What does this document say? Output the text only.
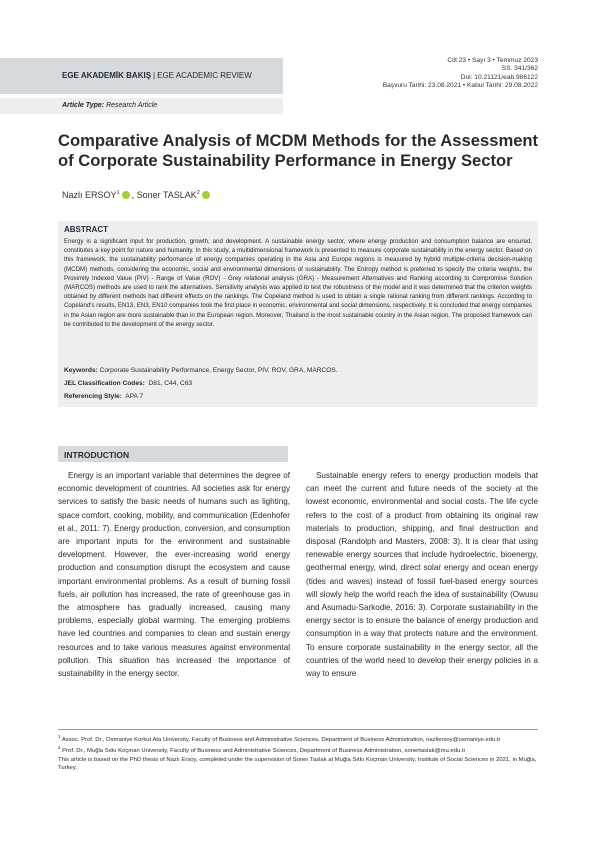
EGE AKADEMİK BAKIŞ | EGE ACADEMIC REVIEW
Cilt 23 • Sayı 3 • Temmuz 2023
SS. 341/362
Doi: 10.21121/eab.986122
Başvuru Tarihi: 23.08.2021 • Kabul Tarihi: 29.08.2022
Article Type: Research Article
Comparative Analysis of MCDM Methods for the Assessment of Corporate Sustainability Performance in Energy Sector
Nazlı ERSOY$^1$ , Soner TASLAK$^2$
ABSTRACT

Energy is a significant input for production, growth, and development. A sustainable energy sector, where energy production and consumption balance are ensured, constitutes a key point for nature and humanity. In this study, a multidimensional framework is presented to measure corporate sustainability in the energy sector. Based on this framework, the sustainability performance of energy companies operating in the Asia and Europe regions is measured by hybrid multiple-criteria decision-making (MCDM) methods, considering the economic, social and environmental dimensions of sustainability. The Entropy method is preferred to specify the criteria weights, the Proximity Indexed Value (PIV) - Range of Value (ROV) - Grey relational analysis (GRA) - Measurement Alternatives and Ranking according to Compromise Solution (MARCOS) methods are used to rank the alternatives. Sensitivity analysis was applied to test the robustness of the model and it was determined that the criterion weights obtained by different methods had different effects on the rankings. The Copeland method is used to obtain a single rational ranking from different rankings. According to Copeland's results, EN13, EN3, EN10 companies took the first place in economic, environmental and social dimensions, respectively. It is concluded that energy companies in the Asian region are more sustainable than in the European region. Moreover, Thailand is the most sustainable country in the Asian region. The proposed framework can be contributed to the development of the energy sector.

Keywords: Corporate Sustainability Performance, Energy Sector, PIV, ROV, GRA, MARCOS.
JEL Classification Codes: D81, C44, C63
Referencing Style: APA 7
INTRODUCTION

Energy is an important variable that determines the degree of economic development of countries. All societies ask for energy services to satisfy the basic needs of humans such as lighting, space comfort, cooking, mobility, and communication (Edenhofer et al., 2011: 7). Energy production, conversion, and consumption are important inputs for the environment and sustainable development. However, the ever-increasing world energy production and consumption disrupt the ecosystem and cause important environmental problems. As a result of burning fossil fuels, air pollution has increased, the rate of greenhouse gas in the atmosphere has gradually increased, causing many problems, especially global warming. The emerging problems have led countries and companies to clean and sustain energy resources and to take various measures against environmental pollution. This situation has increased the importance of sustainability in the energy sector.

Sustainable energy refers to energy production models that can meet the current and future needs of the society at the lowest economic, environmental and social costs. The life cycle refers to the cost of a product from obtaining its original raw materials to production, shipping, and final destruction and disposal (Randolph and Masters, 2008: 3). It is clear that using renewable energy sources that include hydroelectric, bioenergy, geothermal energy, wind, direct solar energy and ocean energy (tides and waves) instead of fossil fuel-based energy sources will slowly help the world reach the idea of sustainability (Owusu and Asumadu-Sarkodie, 2016: 3). Corporate sustainability in the energy sector is to ensure the balance of energy production and consumption in a way that protects nature and the environment. To ensure corporate sustainability in the energy sector, all the countries of the world need to develop their energy policies in a way to ensure

$^1$ Assoc. Prof. Dr., Osmaniye Korkut Ata University, Faculty of Business and Administrative Sciences, Department of Business Administration, nazliersoy@osmaniye.edu.tr
$^2$ Prof. Dr., Muğla Sıtkı Koçman University, Faculty of Business and Administrative Sciences, Department of Business Administration, sonertaslak@mu.edu.tr
This article is based on the PhD thesis of Nazlı Ersoy, completed under the supervision of Soner Taslak at Muğla Sıtkı Koçman University, Institute of Social Sciences in 2021, in Muğla, Turkey.
